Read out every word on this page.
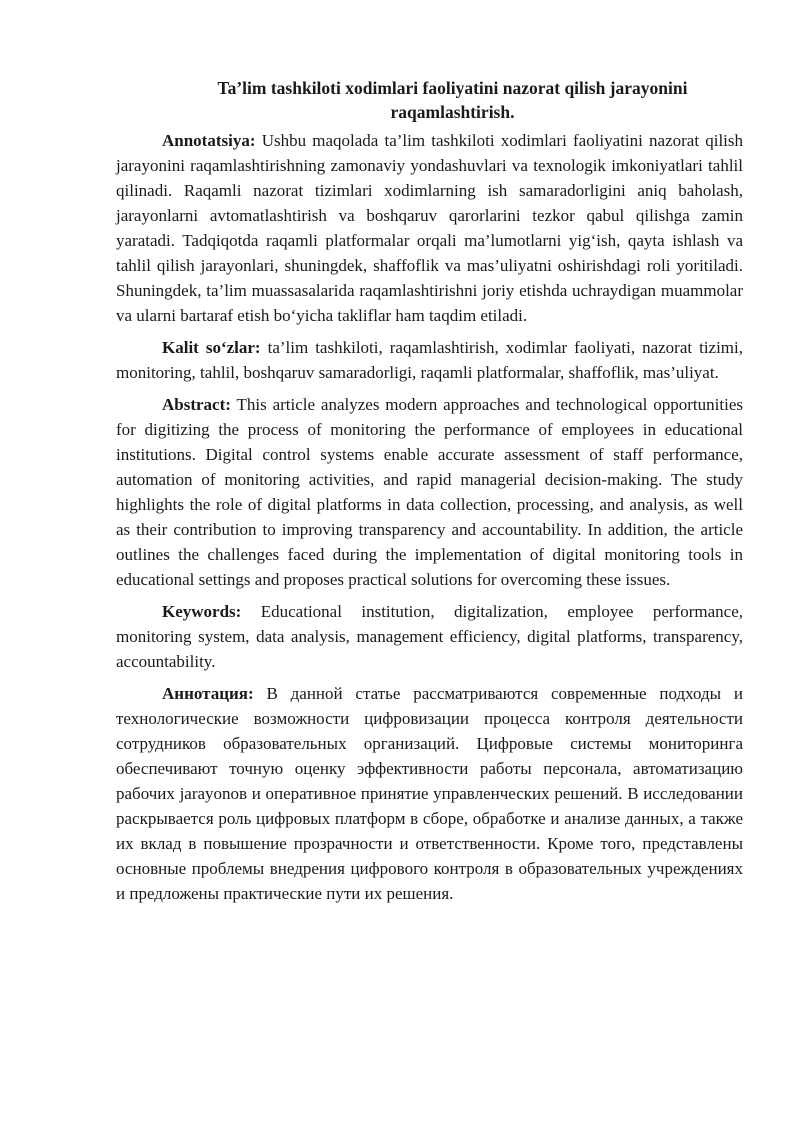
Ta’lim tashkiloti xodimlari faoliyatini nazorat qilish jarayonini raqamlashtirish.

Annotatsiya: Ushbu maqolada ta’lim tashkiloti xodimlari faoliyatini nazorat qilish jarayonini raqamlashtirishning zamonaviy yondashuvlari va texnologik imkoniyatlari tahlil qilinadi. Raqamli nazorat tizimlari xodimlarning ish samaradorligini aniq baholash, jarayonlarni avtomatlashtirish va boshqaruv qarorlarini tezkor qabul qilishga zamin yaratadi. Tadqiqotda raqamli platformalar orqali ma’lumotlarni yig‘ish, qayta ishlash va tahlil qilish jarayonlari, shuningdek, shaffoflik va mas’uliyatni oshirishdagi roli yoritiladi. Shuningdek, ta’lim muassasalarida raqamlashtirishni joriy etishda uchraydigan muammolar va ularni bartaraf etish bo‘yicha takliflar ham taqdim etiladi.

Kalit so‘zlar: ta’lim tashkiloti, raqamlashtirish, xodimlar faoliyati, nazorat tizimi, monitoring, tahlil, boshqaruv samaradorligi, raqamli platformalar, shaffoflik, mas’uliyat.

Abstract: This article analyzes modern approaches and technological opportunities for digitizing the process of monitoring the performance of employees in educational institutions. Digital control systems enable accurate assessment of staff performance, automation of monitoring activities, and rapid managerial decision-making. The study highlights the role of digital platforms in data collection, processing, and analysis, as well as their contribution to improving transparency and accountability. In addition, the article outlines the challenges faced during the implementation of digital monitoring tools in educational settings and proposes practical solutions for overcoming these issues.

Keywords: Educational institution, digitalization, employee performance, monitoring system, data analysis, management efficiency, digital platforms, transparency, accountability.

Аннотация: В данной статье рассматриваются современные подходы и технологические возможности цифровизации процесса контроля деятельности сотрудников образовательных организаций. Цифровые системы мониторинга обеспечивают точную оценку эффективности работы персонала, автоматизацию рабочих jarayonов и оперативное принятие управленческих решений. В исследовании раскрывается роль цифровых платформ в сборе, обработке и анализе данных, а также их вклад в повышение прозрачности и ответственности. Кроме того, представлены основные проблемы внедрения цифрового контроля в образовательных учреждениях и предложены практические пути их решения.
